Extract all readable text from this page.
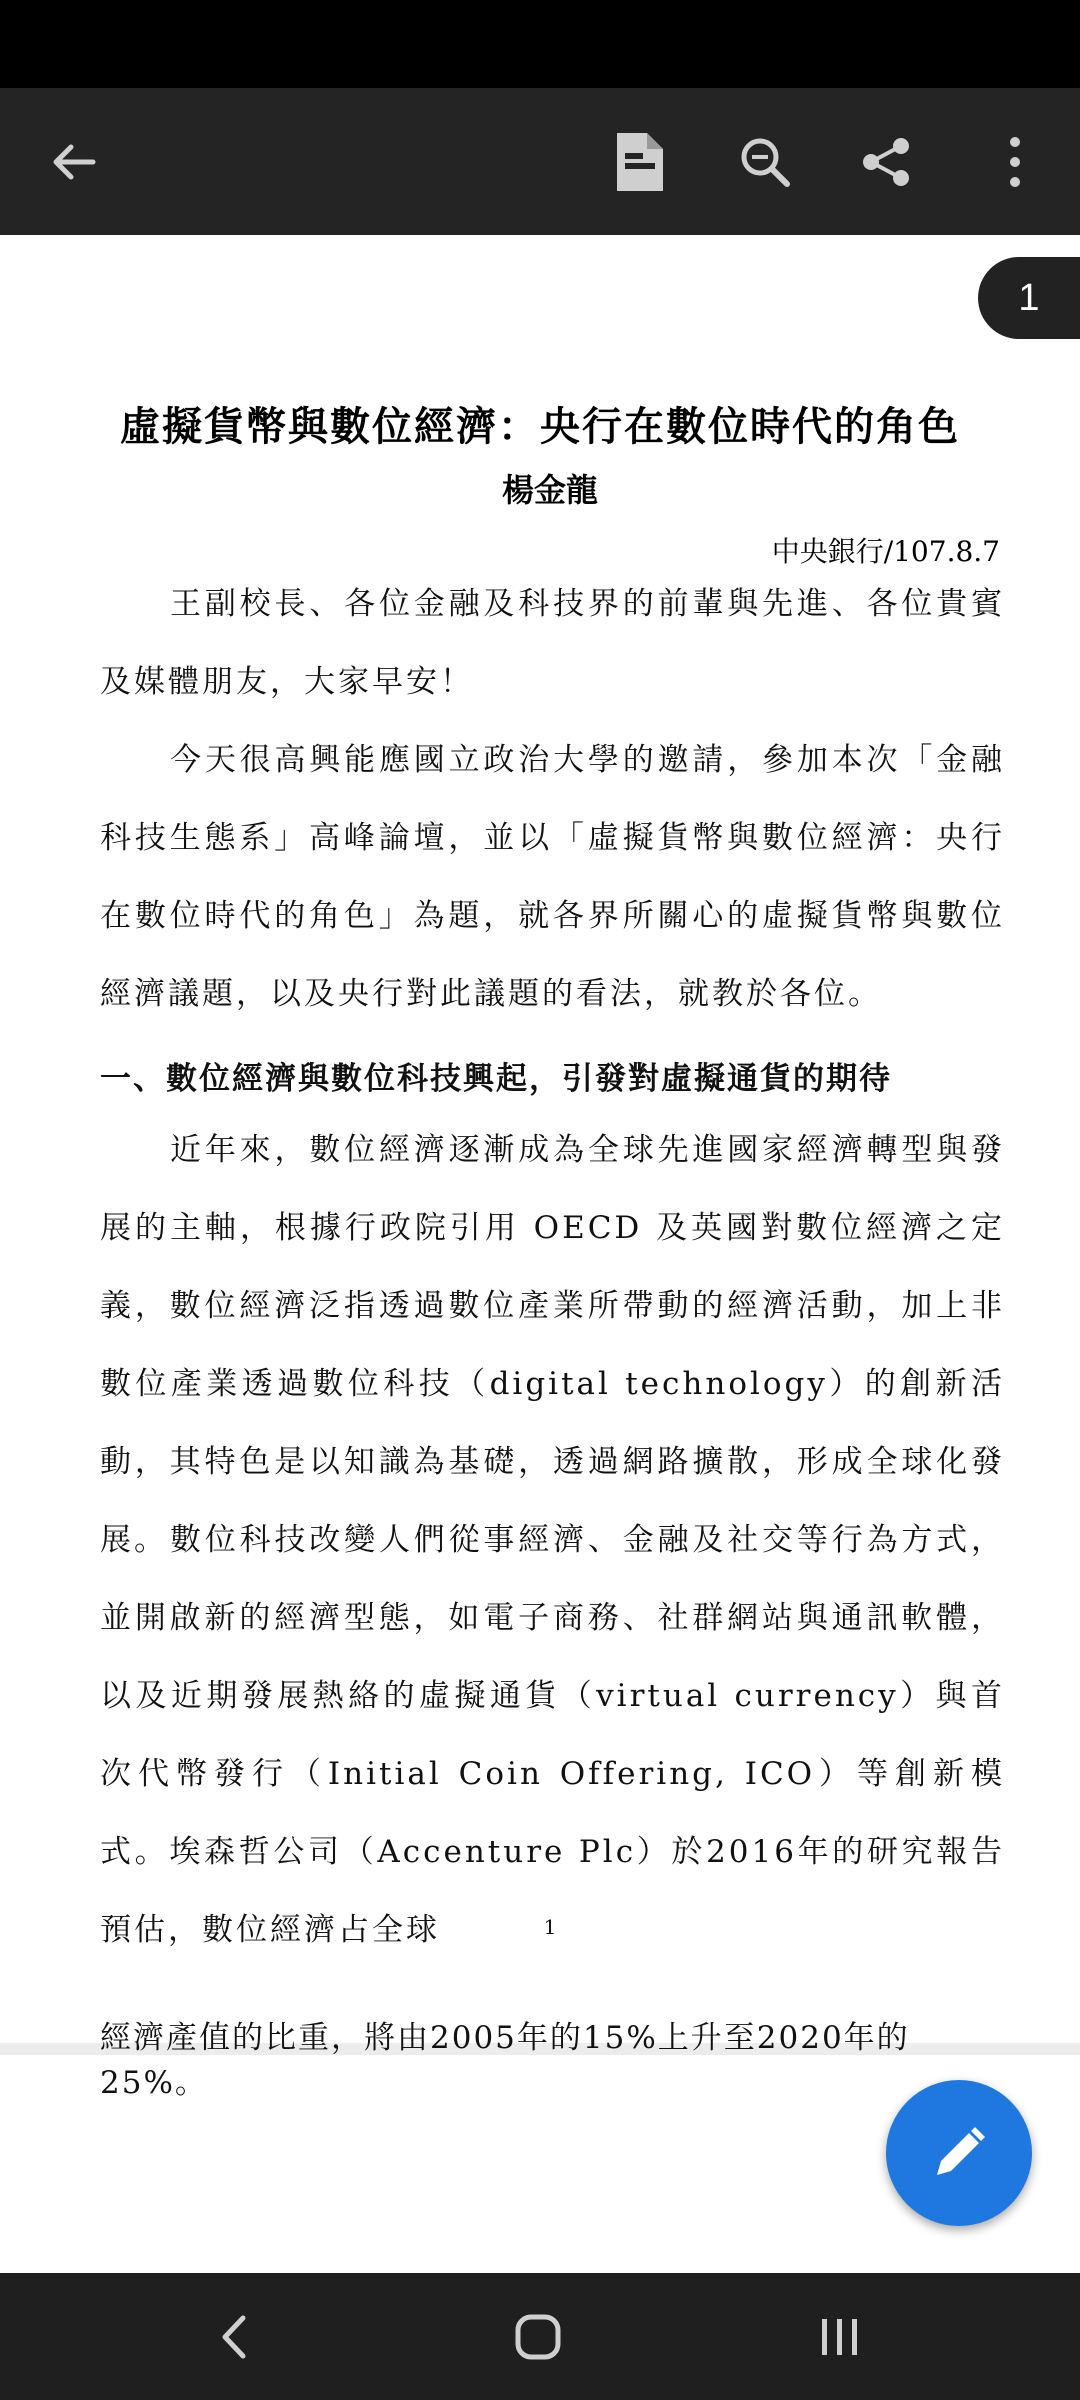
1
虛擬貨幣與數位經濟：央行在數位時代的角色
楊金龍
中央銀行/107.8.7
王副校長、各位金融及科技界的前輩與先進、各位貴賓及媒體朋友，大家早安！
今天很高興能應國立政治大學的邀請，參加本次「金融科技生態系」高峰論壇，並以「虛擬貨幣與數位經濟：央行在數位時代的角色」為題，就各界所關心的虛擬貨幣與數位經濟議題，以及央行對此議題的看法，就教於各位。
一、數位經濟與數位科技興起，引發對虛擬通貨的期待
近年來，數位經濟逐漸成為全球先進國家經濟轉型與發展的主軸，根據行政院引用 OECD 及英國對數位經濟之定義，數位經濟泛指透過數位產業所帶動的經濟活動，加上非數位產業透過數位科技（digital technology）的創新活動，其特色是以知識為基礎，透過網路擴散，形成全球化發展。 數位科技改變人們從事經濟、金融及社交等行為方式，並開啟新的經濟型態，如電子商務、社群網站與通訊軟體，以及近期發展熱絡的虛擬通貨（virtual currency）與首次代幣發行（Initial Coin Offering, ICO）等創新模式。埃森哲公司（Accenture Plc）於2016年的研究報告預估，數位經濟占全球	1
經濟產值的比重，將由2005年的15%上升至2020年的25%。
